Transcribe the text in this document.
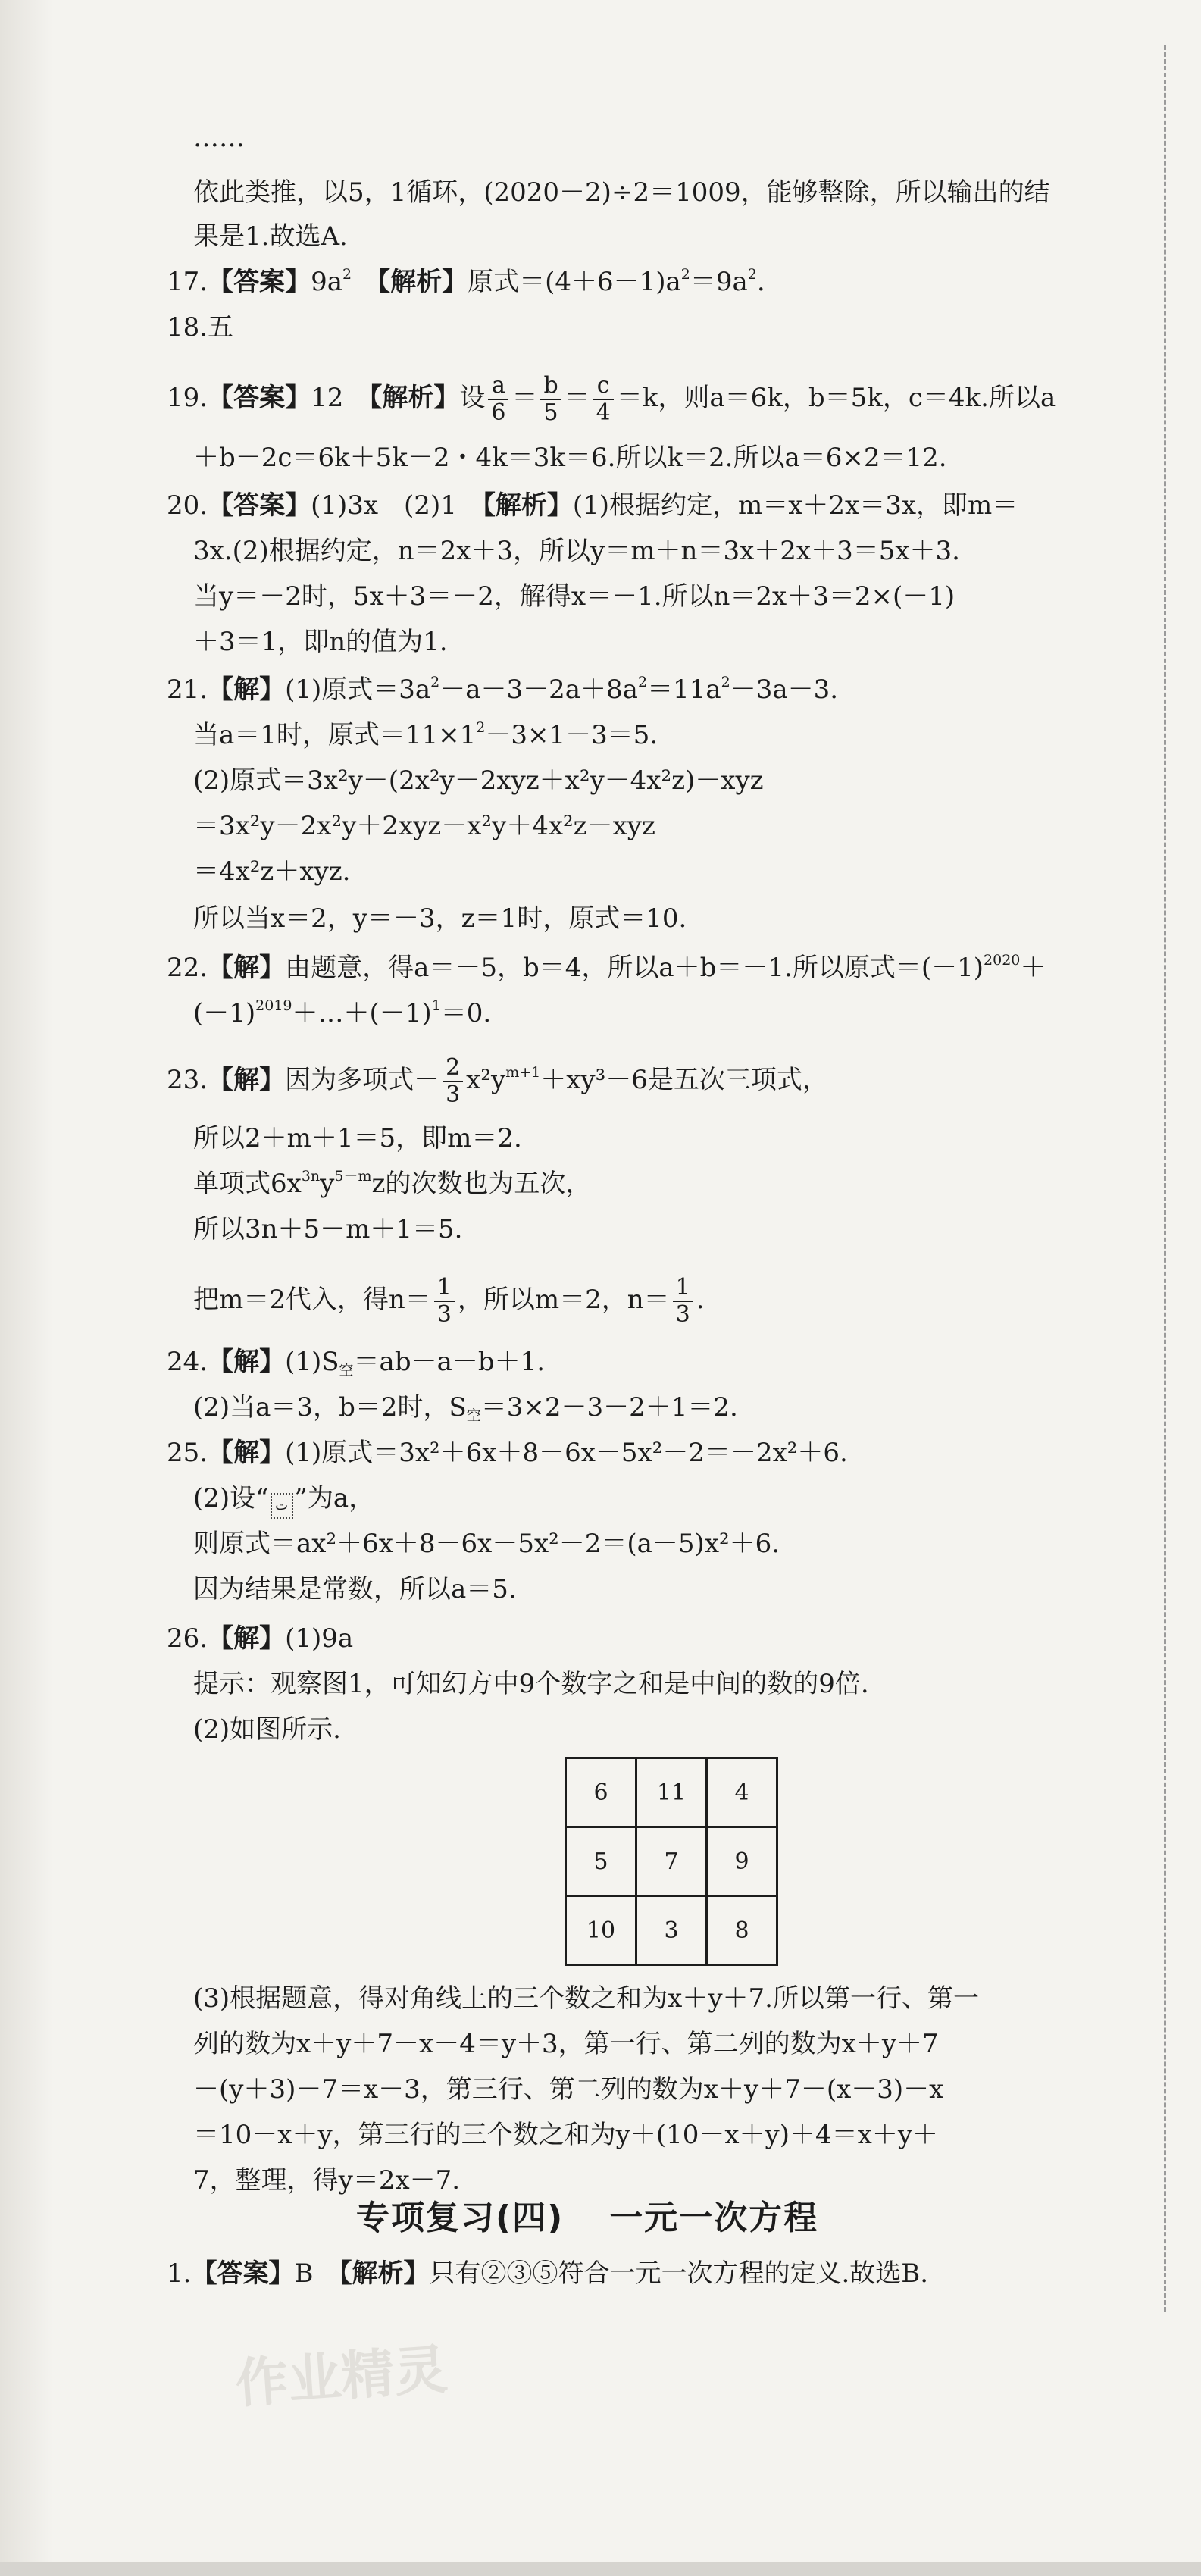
作业精灵
……
依此类推，以5，1循环，(2020－2)÷2＝1009，能够整除，所以输出的结
果是1.故选A.
17.【答案】$9a^2$　 【解析】原式$=(4+6-1)a^2=9a^2$.
18.五
19.【答案】12　 【解析】设 $\frac{a}{6} = \frac{b}{5} = \frac{c}{4} =k$，则a＝6k，b＝5k，c＝4k.所以a
＋b－2c＝6k＋5k－2・4k＝3k＝6.所以k＝2.所以a＝6×2＝12.
20.【答案】(1)3x　(2)1　 【解析】(1)根据约定，m＝x＋2x＝3x，即m＝
3x.(2)根据约定，n＝2x＋3，所以y＝m＋n＝3x＋2x＋3＝5x＋3.
当y＝－2时，5x＋3＝－2，解得x＝－1.所以n＝2x＋3＝2×(－1)
＋3＝1，即n的值为1.
21.【解】(1)原式$=3a^2-a-3-2a+8a^2=11a^2-3a-3$.
当a＝1时，原式$=11\times 1^2-3\times 1-3=5$.
(2)原式＝3x²y－(2x²y－2xyz＋x²y－4x²z)－xyz
＝3x²y－2x²y＋2xyz－x²y＋4x²z－xyz
＝4x²z＋xyz.
所以当x＝2，y＝－3，z＝1时，原式＝10.
22.【解】由题意，得a＝－5，b＝4，所以a＋b＝－1.所以原式$=(-1)^{2020}+$
$(-1)^{2019}+\dots+(-1)^1=0$.
23.【解】因为多项式－ $\frac{2}{3} x^2y^{m+1}+xy^3-6$是五次三项式，
所以2＋m＋1＝5，即m＝2.
单项式$6x^{3n}y^{5-m}z$的次数也为五次，
所以3n＋5－m＋1＝5.
把m＝2代入，得$n= \frac{1}{3}$ ，所以m＝2，$n= \frac{1}{3}$ .
24.【解】$(1)S_空=ab-a-b+1$.
(2)当a＝3，b＝2时，$S_空=3\times 2-3-2+1=2$.
25.【解】(1)原式＝3x²＋6x＋8－6x－5x²－2＝－2x²＋6.
(2)设“ ت ”为a，
则原式＝ax²＋6x＋8－6x－5x²－2＝(a－5)x²＋6.
因为结果是常数，所以a＝5.
26.【解】(1)9a
提示：观察图1，可知幻方中9个数字之和是中间的数的9倍.
(2)如图所示.
6	11	4
5	7	9
10	3	8
(3)根据题意，得对角线上的三个数之和为x＋y＋7.所以第一行、第一
列的数为x＋y＋7－x－4＝y＋3，第一行、第二列的数为x＋y＋7
－(y＋3)－7＝x－3，第三行、第二列的数为x＋y＋7－(x－3)－x
＝10－x＋y，第三行的三个数之和为y＋(10－x＋y)＋4＝x＋y＋
7，整理，得y＝2x－7.
专项复习(四) 一元一次方程
1.【答案】B　 【解析】只有②③⑤符合一元一次方程的定义.故选B.
